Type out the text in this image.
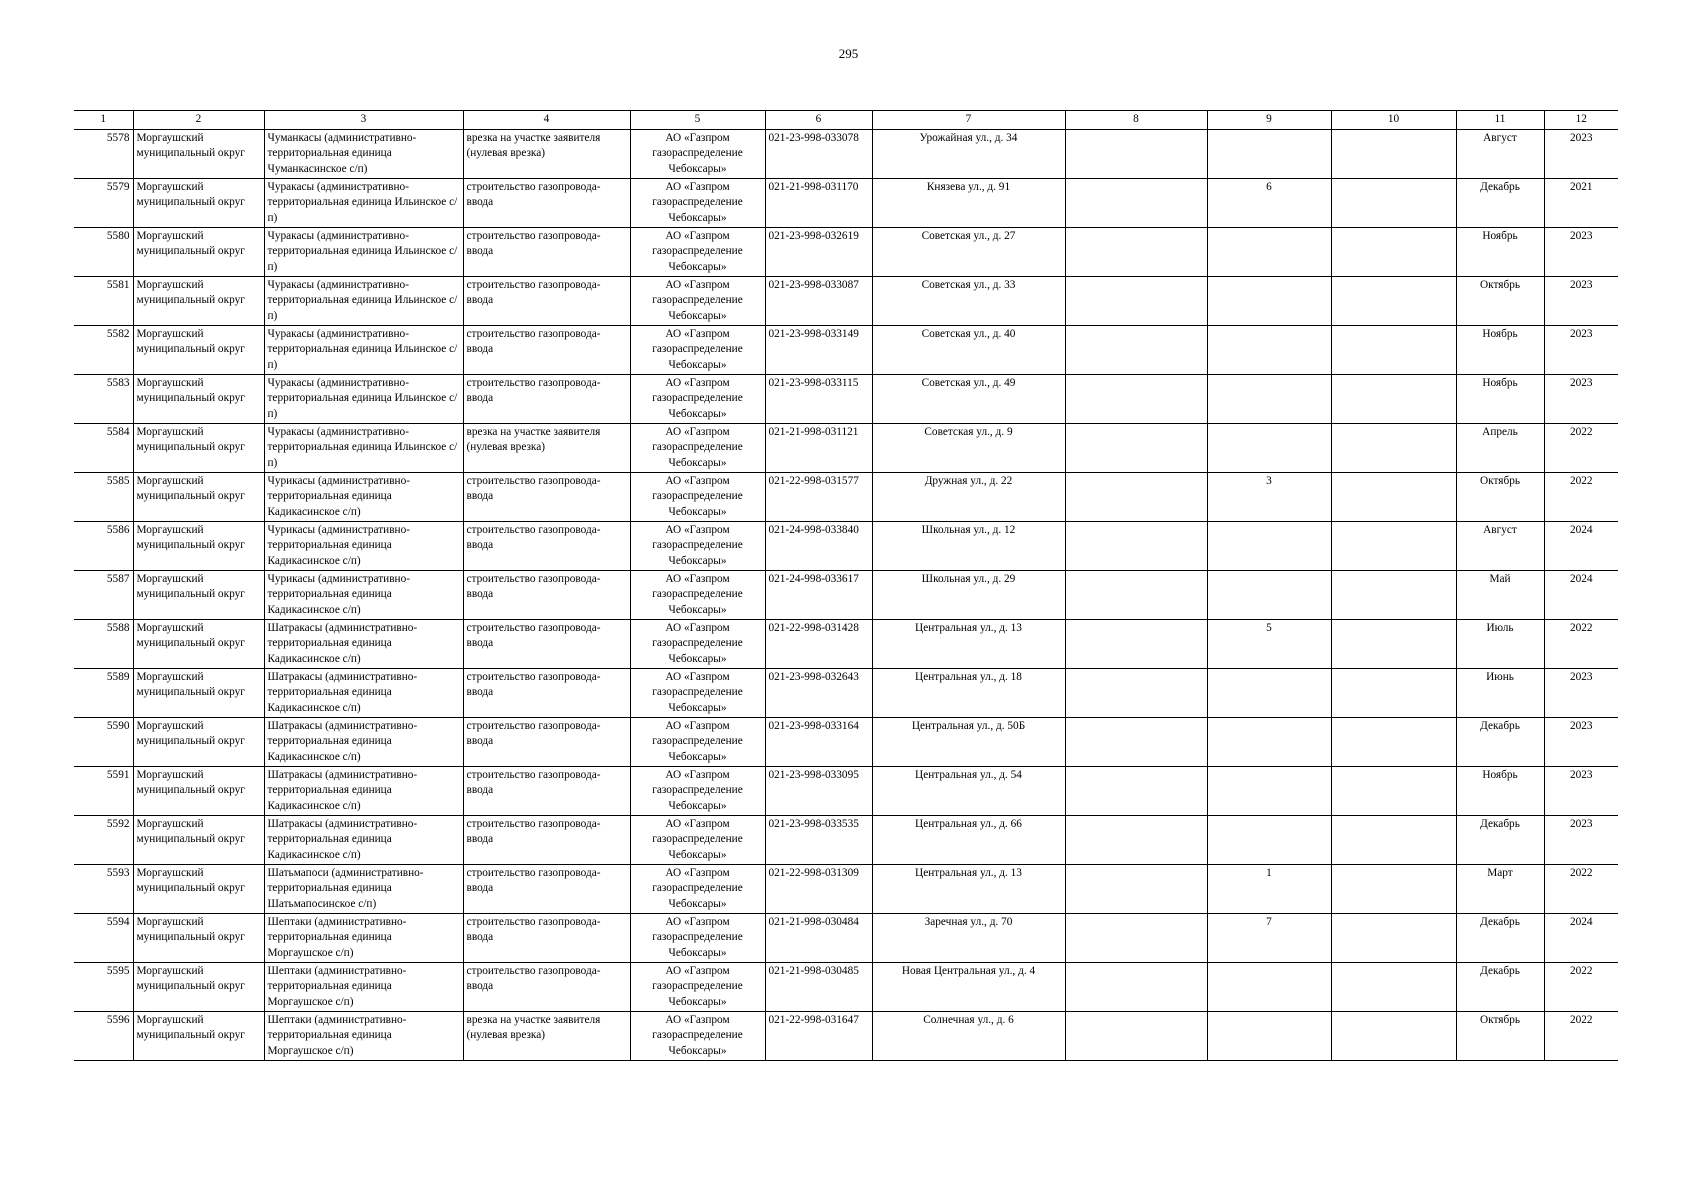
295
1	2	3	4	5	6	7	8	9	10	11	12
5578	Моргаушский муниципальный округ	Чуманкасы (административно-территориальная единица Чуманкасинское с/п)	врезка на участке заявителя (нулевая врезка)	АО «Газпром газораспределение Чебоксары»	021-23-998-033078	Урожайная ул., д. 34				Август	2023
5579	Моргаушский муниципальный округ	Чуракасы (административно-территориальная единица Ильинское с/п)	строительство газопровода-ввода	АО «Газпром газораспределение Чебоксары»	021-21-998-031170	Князева ул., д. 91		6		Декабрь	2021
5580	Моргаушский муниципальный округ	Чуракасы (административно-территориальная единица Ильинское с/п)	строительство газопровода-ввода	АО «Газпром газораспределение Чебоксары»	021-23-998-032619	Советская ул., д. 27				Ноябрь	2023
5581	Моргаушский муниципальный округ	Чуракасы (административно-территориальная единица Ильинское с/п)	строительство газопровода-ввода	АО «Газпром газораспределение Чебоксары»	021-23-998-033087	Советская ул., д. 33				Октябрь	2023
5582	Моргаушский муниципальный округ	Чуракасы (административно-территориальная единица Ильинское с/п)	строительство газопровода-ввода	АО «Газпром газораспределение Чебоксары»	021-23-998-033149	Советская ул., д. 40				Ноябрь	2023
5583	Моргаушский муниципальный округ	Чуракасы (административно-территориальная единица Ильинское с/п)	строительство газопровода-ввода	АО «Газпром газораспределение Чебоксары»	021-23-998-033115	Советская ул., д. 49				Ноябрь	2023
5584	Моргаушский муниципальный округ	Чуракасы (административно-территориальная единица Ильинское с/п)	врезка на участке заявителя (нулевая врезка)	АО «Газпром газораспределение Чебоксары»	021-21-998-031121	Советская ул., д. 9				Апрель	2022
5585	Моргаушский муниципальный округ	Чурикасы (административно-территориальная единица Кадикасинское с/п)	строительство газопровода-ввода	АО «Газпром газораспределение Чебоксары»	021-22-998-031577	Дружная ул., д. 22		3		Октябрь	2022
5586	Моргаушский муниципальный округ	Чурикасы (административно-территориальная единица Кадикасинское с/п)	строительство газопровода-ввода	АО «Газпром газораспределение Чебоксары»	021-24-998-033840	Школьная ул., д. 12				Август	2024
5587	Моргаушский муниципальный округ	Чурикасы (административно-территориальная единица Кадикасинское с/п)	строительство газопровода-ввода	АО «Газпром газораспределение Чебоксары»	021-24-998-033617	Школьная ул., д. 29				Май	2024
5588	Моргаушский муниципальный округ	Шатракасы (административно-территориальная единица Кадикасинское с/п)	строительство газопровода-ввода	АО «Газпром газораспределение Чебоксары»	021-22-998-031428	Центральная ул., д. 13		5		Июль	2022
5589	Моргаушский муниципальный округ	Шатракасы (административно-территориальная единица Кадикасинское с/п)	строительство газопровода-ввода	АО «Газпром газораспределение Чебоксары»	021-23-998-032643	Центральная ул., д. 18				Июнь	2023
5590	Моргаушский муниципальный округ	Шатракасы (административно-территориальная единица Кадикасинское с/п)	строительство газопровода-ввода	АО «Газпром газораспределение Чебоксары»	021-23-998-033164	Центральная ул., д. 50Б				Декабрь	2023
5591	Моргаушский муниципальный округ	Шатракасы (административно-территориальная единица Кадикасинское с/п)	строительство газопровода-ввода	АО «Газпром газораспределение Чебоксары»	021-23-998-033095	Центральная ул., д. 54				Ноябрь	2023
5592	Моргаушский муниципальный округ	Шатракасы (административно-территориальная единица Кадикасинское с/п)	строительство газопровода-ввода	АО «Газпром газораспределение Чебоксары»	021-23-998-033535	Центральная ул., д. 66				Декабрь	2023
5593	Моргаушский муниципальный округ	Шатьмапоси (административно-территориальная единица Шатьмапосинское с/п)	строительство газопровода-ввода	АО «Газпром газораспределение Чебоксары»	021-22-998-031309	Центральная ул., д. 13		1		Март	2022
5594	Моргаушский муниципальный округ	Шептаки (административно-территориальная единица Моргаушское с/п)	строительство газопровода-ввода	АО «Газпром газораспределение Чебоксары»	021-21-998-030484	Заречная ул., д. 70		7		Декабрь	2024
5595	Моргаушский муниципальный округ	Шептаки (административно-территориальная единица Моргаушское с/п)	строительство газопровода-ввода	АО «Газпром газораспределение Чебоксары»	021-21-998-030485	Новая Центральная ул., д. 4				Декабрь	2022
5596	Моргаушский муниципальный округ	Шептаки (административно-территориальная единица Моргаушское с/п)	врезка на участке заявителя (нулевая врезка)	АО «Газпром газораспределение Чебоксары»	021-22-998-031647	Солнечная ул., д. 6				Октябрь	2022
